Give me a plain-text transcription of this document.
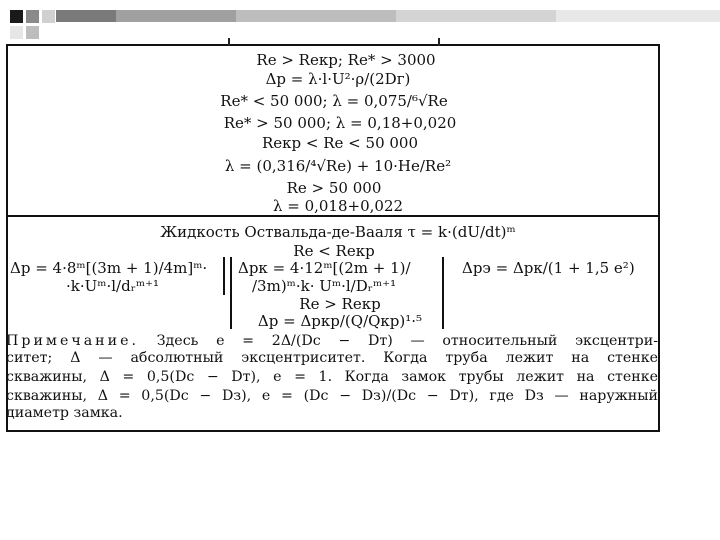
Re > Reкр; Re* > 3000
Δp = λ·l·U²·ρ/(2Dг)
Re* < 50 000; λ = 0,075/⁶√Re
Re* > 50 000; λ = 0,18+0,020
Reкр < Re < 50 000
λ = (0,316/⁴√Re) + 10·He/Re²
Re > 50 000
λ = 0,018+0,022
Жидкость Оствальда-де-Вааля τ = k·(dU/dt)ᵐ
Re < Reкр
Δp = 4·8ᵐ[(3m + 1)/4m]ᵐ·
·k·Uᵐ·l/dᵣᵐ⁺¹
Δpк = 4·12ᵐ[(2m + 1)/
/3m)ᵐ·k· Uᵐ·l/Dᵣᵐ⁺¹
Δpэ = Δpк/(1 + 1,5 e²)
Re > Reкр
Δp = Δpкр/(Q/Qкр)¹·⁵
Примечание. Здесь e = 2Δ/(Dс − Dт) — относительный эксцентри-
ситет; Δ — абсолютный эксцентриситет. Когда труба лежит на стенке
скважины, Δ = 0,5(Dс − Dт), e = 1. Когда замок трубы лежит на стенке
скважины, Δ = 0,5(Dс − Dз), e = (Dс − Dз)/(Dс − Dт), где Dз — наружный
диаметр замка.
